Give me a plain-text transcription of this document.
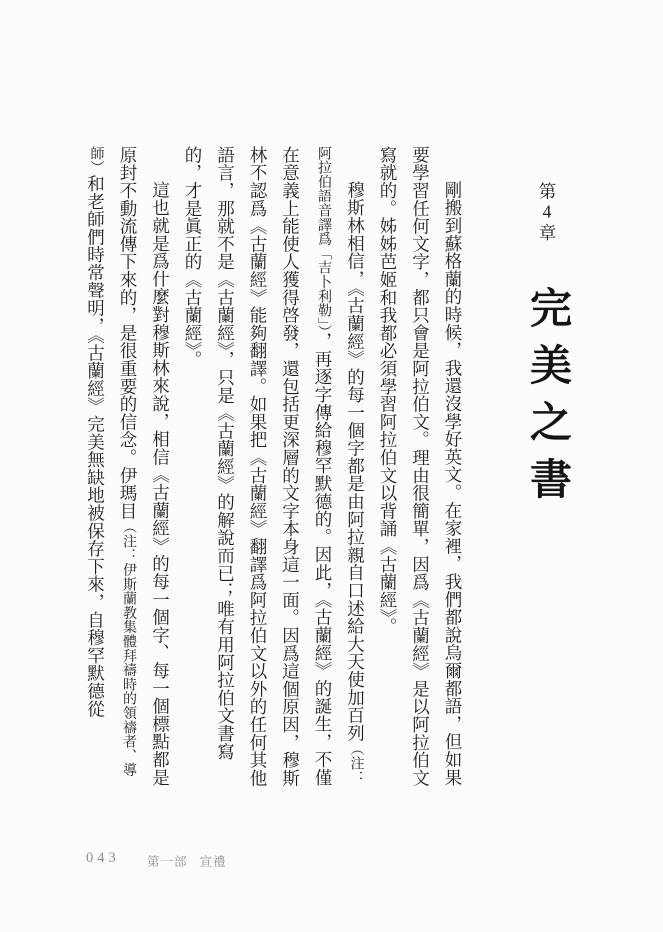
第4章 完美之書

剛搬到蘇格蘭的時候，我還沒學好英文。在家裡，我們都說烏爾都語，但如果要學習任何文字，都只會是阿拉伯文。理由很簡單，因爲《古蘭經》是以阿拉伯文寫就的。姊姊芭姬和我都必須學習阿拉伯文以背誦《古蘭經》。

穆斯林相信，《古蘭經》的每一個字都是由阿拉親自口述給大天使加百列（注：阿拉伯語音譯爲「吉卜利勒」），再逐字傳給穆罕默德的。因此，《古蘭經》的誕生，不僅在意義上能使人獲得啓發，還包括更深層的文字本身這一面。因爲這個原因，穆斯林不認爲《古蘭經》能夠翻譯。如果把《古蘭經》翻譯爲阿拉伯文以外的任何其他語言，那就不是《古蘭經》，只是《古蘭經》的解說而已；唯有用阿拉伯文書寫的，才是眞正的《古蘭經》。

這也就是爲什麼對穆斯林來說，相信《古蘭經》的每一個字、每一個標點都是原封不動流傳下來的，是很重要的信念。伊瑪目（注：伊斯蘭教集體拜禱時的領禱者、導師）和老師們時常聲明，《古蘭經》完美無缺地被保存下來，自穆罕默德從

043 第一部 宣禮
